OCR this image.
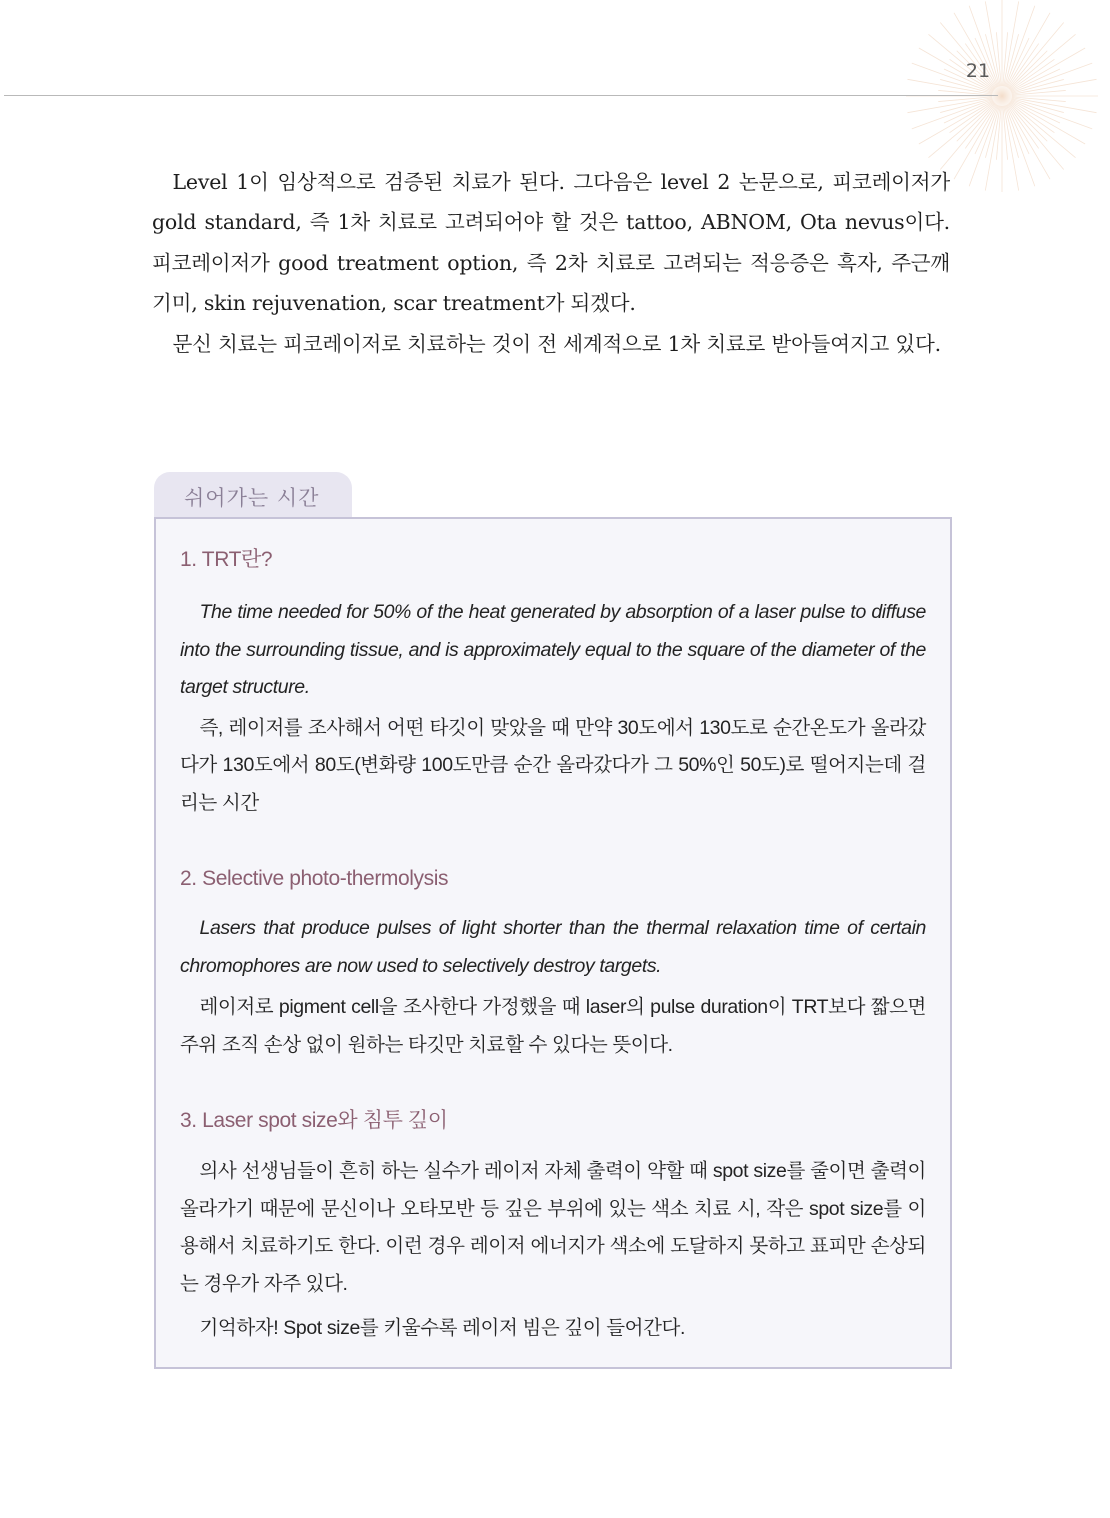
21

Level 1이 임상적으로 검증된 치료가 된다. 그다음은 level 2 논문으로, 피코레이저가 gold standard, 즉 1차 치료로 고려되어야 할 것은 tattoo, ABNOM, Ota nevus이다. 피코레이저가 good treatment option, 즉 2차 치료로 고려되는 적응증은 흑자, 주근깨 기미, skin rejuvenation, scar treatment가 되겠다.

문신 치료는 피코레이저로 치료하는 것이 전 세계적으로 1차 치료로 받아들여지고 있다.

쉬어가는 시간
1. TRT란?

The time needed for 50% of the heat generated by absorption of a laser pulse to diffuse into the surrounding tissue, and is approximately equal to the square of the diameter of the target structure.

즉, 레이저를 조사해서 어떤 타깃이 맞았을 때 만약 30도에서 130도로 순간온도가 올라갔다가 130도에서 80도(변화량 100도만큼 순간 올라갔다가 그 50%인 50도)로 떨어지는데 걸리는 시간

2. Selective photo-thermolysis

Lasers that produce pulses of light shorter than the thermal relaxation time of certain chromophores are now used to selectively destroy targets.

레이저로 pigment cell을 조사한다 가정했을 때 laser의 pulse duration이 TRT보다 짧으면 주위 조직 손상 없이 원하는 타깃만 치료할 수 있다는 뜻이다.

3. Laser spot size와 침투 깊이

의사 선생님들이 흔히 하는 실수가 레이저 자체 출력이 약할 때 spot size를 줄이면 출력이 올라가기 때문에 문신이나 오타모반 등 깊은 부위에 있는 색소 치료 시, 작은 spot size를 이용해서 치료하기도 한다. 이런 경우 레이저 에너지가 색소에 도달하지 못하고 표피만 손상되는 경우가 자주 있다.

기억하자! Spot size를 키울수록 레이저 빔은 깊이 들어간다.
